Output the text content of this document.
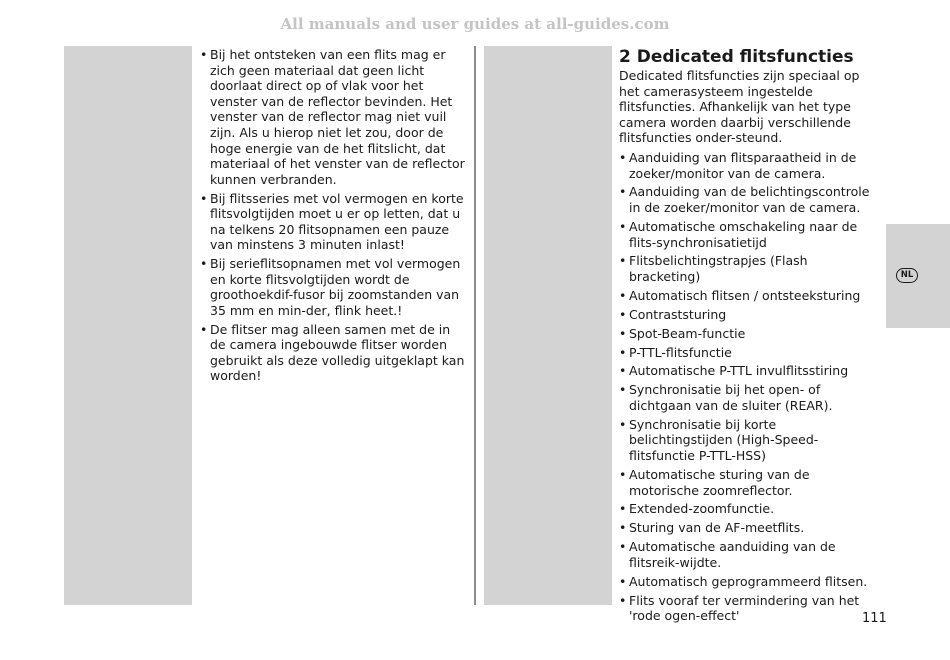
All manuals and user guides at all-guides.com
• Bij het ontsteken van een flits mag er zich geen materiaal dat geen licht doorlaat direct op of vlak voor het venster van de reflector bevinden. Het venster van de reflector mag niet vuil zijn. Als u hierop niet let zou, door de hoge energie van de het flitslicht, dat materiaal of het venster van de reflector kunnen verbranden.
• Bij flitsseries met vol vermogen en korte flitsvolgtijden moet u er op letten, dat u na telkens 20 flitsopnamen een pauze van minstens 3 minuten inlast!
• Bij serieflitsopnamen met vol vermogen en korte flitsvolgtijden wordt de groothoekdif-fusor bij zoomstanden van 35 mm en min-der, flink heet.!
• De flitser mag alleen samen met de in de camera ingebouwde flitser worden gebruikt als deze volledig uitgeklapt kan worden!
2 Dedicated flitsfuncties

Dedicated flitsfuncties zijn speciaal op het camerasysteem ingestelde flitsfuncties. Afhankelijk van het type camera worden daarbij verschillende flitsfuncties onder-steund.

• Aanduiding van flitsparaatheid in de zoeker/monitor van de camera.
• Aanduiding van de belichtingscontrole in de zoeker/monitor van de camera.
• Automatische omschakeling naar de flits-synchronisatietijd
• Flitsbelichtingstrapjes (Flash bracketing)
• Automatisch flitsen / ontsteeksturing
• Contraststuring
• Spot-Beam-functie
• P-TTL-flitsfunctie
• Automatische P-TTL invulflitsstiring
• Synchronisatie bij het open- of dichtgaan van de sluiter (REAR).
• Synchronisatie bij korte belichtingstijden (High-Speed-flitsfunctie P-TTL-HSS)
• Automatische sturing van de motorische zoomreflector.
• Extended-zoomfunctie.
• Sturing van de AF-meetflits.
• Automatische aanduiding van de flitsreik-wijdte.
• Automatisch geprogrammeerd flitsen.
• Flits vooraf ter vermindering van het 'rode ogen-effect'
NL
111
